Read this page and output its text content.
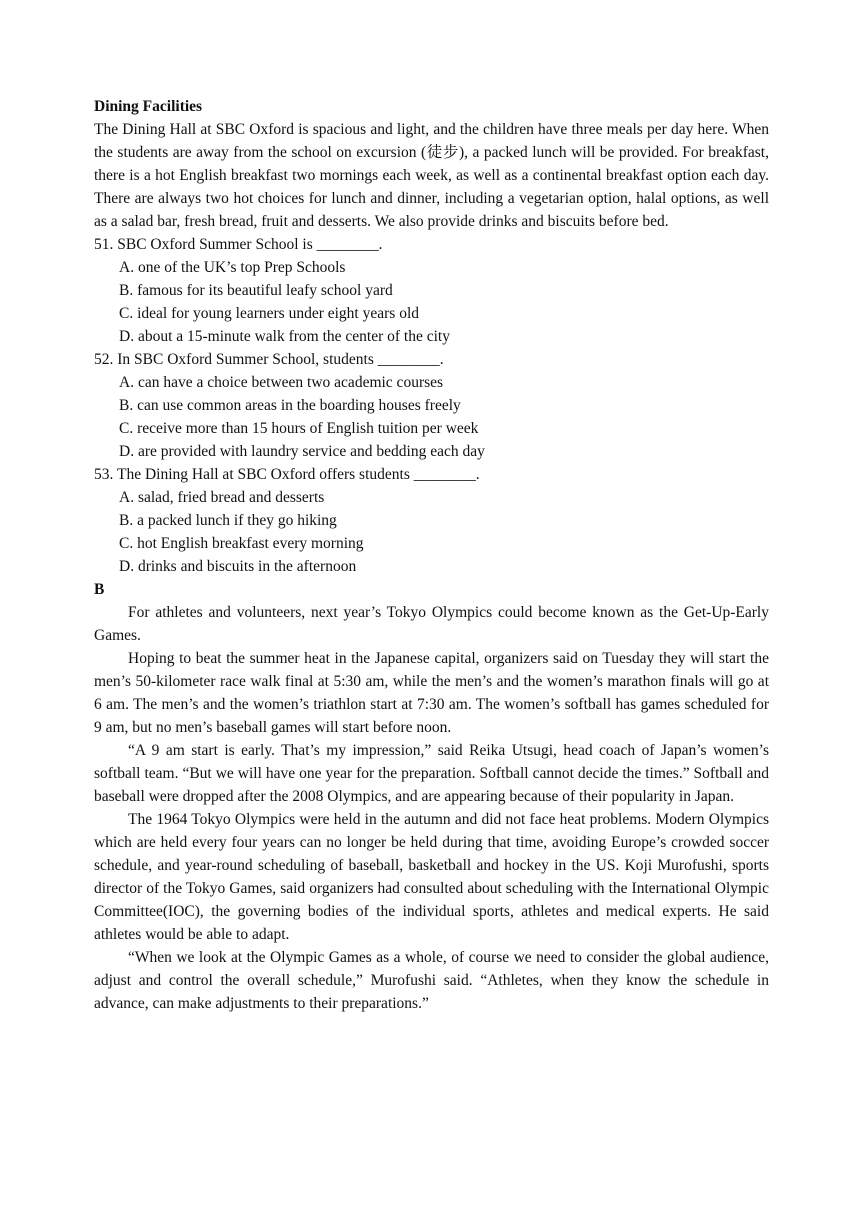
Dining Facilities

The Dining Hall at SBC Oxford is spacious and light, and the children have three meals per day here. When the students are away from the school on excursion (徒步), a packed lunch will be provided. For breakfast, there is a hot English breakfast two mornings each week, as well as a continental breakfast option each day. There are always two hot choices for lunch and dinner, including a vegetarian option, halal options, as well as a salad bar, fresh bread, fruit and desserts. We also provide drinks and biscuits before bed.

51. SBC Oxford Summer School is ________.

A. one of the UK’s top Prep Schools

B. famous for its beautiful leafy school yard

C. ideal for young learners under eight years old

D. about a 15-minute walk from the center of the city

52. In SBC Oxford Summer School, students ________.

A. can have a choice between two academic courses

B. can use common areas in the boarding houses freely

C. receive more than 15 hours of English tuition per week

D. are provided with laundry service and bedding each day

53. The Dining Hall at SBC Oxford offers students ________.

A. salad, fried bread and desserts

B. a packed lunch if they go hiking

C. hot English breakfast every morning

D. drinks and biscuits in the afternoon

B

For athletes and volunteers, next year’s Tokyo Olympics could become known as the Get-Up-Early Games.

Hoping to beat the summer heat in the Japanese capital, organizers said on Tuesday they will start the men’s 50-kilometer race walk final at 5:30 am, while the men’s and the women’s marathon finals will go at 6 am. The men’s and the women’s triathlon start at 7:30 am. The women’s softball has games scheduled for 9 am, but no men’s baseball games will start before noon.

“A 9 am start is early. That’s my impression,” said Reika Utsugi, head coach of Japan’s women’s softball team. “But we will have one year for the preparation. Softball cannot decide the times.” Softball and baseball were dropped after the 2008 Olympics, and are appearing because of their popularity in Japan.

The 1964 Tokyo Olympics were held in the autumn and did not face heat problems. Modern Olympics which are held every four years can no longer be held during that time, avoiding Europe’s crowded soccer schedule, and year-round scheduling of baseball, basketball and hockey in the US. Koji Murofushi, sports director of the Tokyo Games, said organizers had consulted about scheduling with the International Olympic Committee(IOC), the governing bodies of the individual sports, athletes and medical experts. He said athletes would be able to adapt.

“When we look at the Olympic Games as a whole, of course we need to consider the global audience, adjust and control the overall schedule,” Murofushi said. “Athletes, when they know the schedule in advance, can make adjustments to their preparations.”
